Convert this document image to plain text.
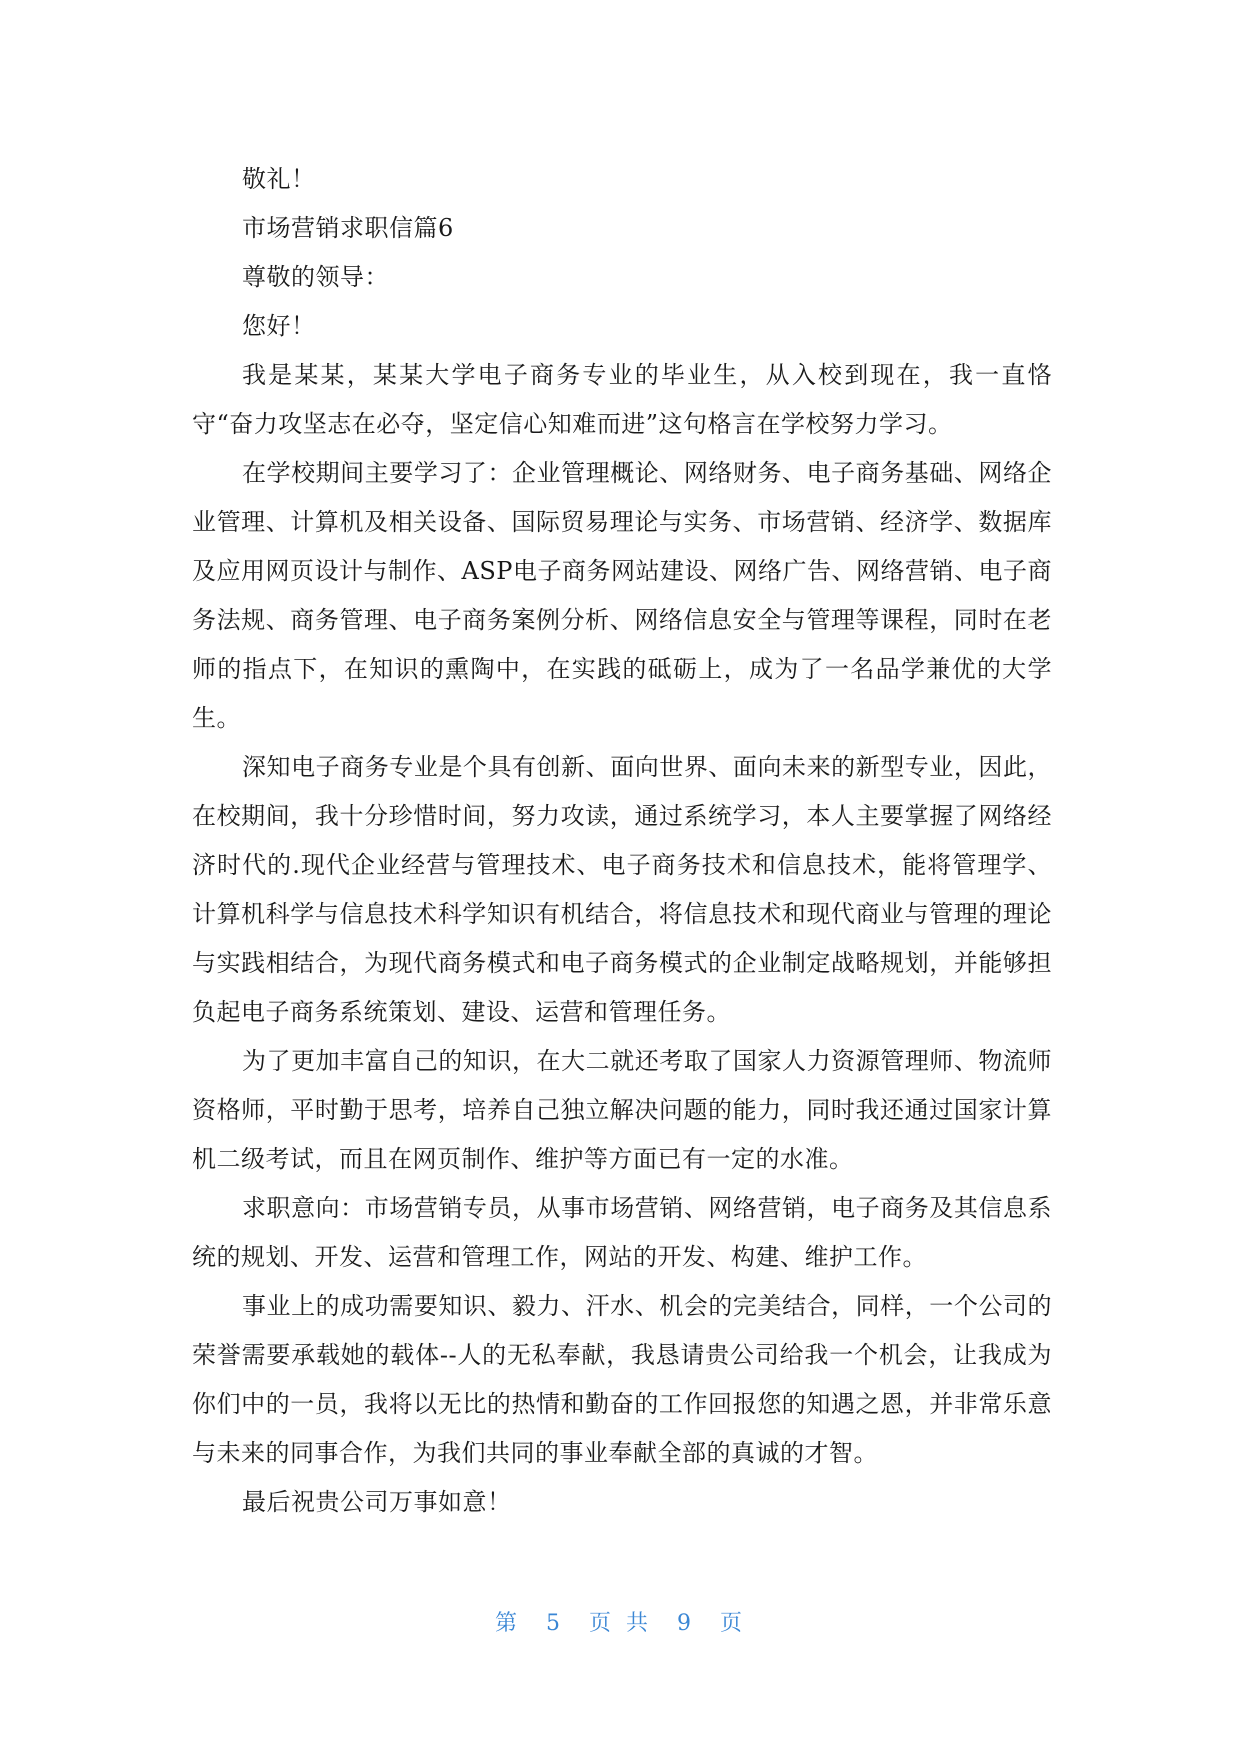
敬礼！

市场营销求职信篇6

尊敬的领导：

您好！

我是某某，某某大学电子商务专业的毕业生，从入校到现在，我一直恪守“奋力攻坚志在必夺，坚定信心知难而进”这句格言在学校努力学习。

在学校期间主要学习了：企业管理概论、网络财务、电子商务基础、网络企业管理、计算机及相关设备、国际贸易理论与实务、市场营销、经济学、数据库及应用网页设计与制作、ASP电子商务网站建设、网络广告、网络营销、电子商务法规、商务管理、电子商务案例分析、网络信息安全与管理等课程，同时在老师的指点下，在知识的熏陶中，在实践的砥砺上，成为了一名品学兼优的大学生。

深知电子商务专业是个具有创新、面向世界、面向未来的新型专业，因此，在校期间，我十分珍惜时间，努力攻读，通过系统学习，本人主要掌握了网络经济时代的.现代企业经营与管理技术、电子商务技术和信息技术，能将管理学、计算机科学与信息技术科学知识有机结合，将信息技术和现代商业与管理的理论与实践相结合，为现代商务模式和电子商务模式的企业制定战略规划，并能够担负起电子商务系统策划、建设、运营和管理任务。

为了更加丰富自己的知识，在大二就还考取了国家人力资源管理师、物流师资格师，平时勤于思考，培养自己独立解决问题的能力，同时我还通过国家计算机二级考试，而且在网页制作、维护等方面已有一定的水准。

求职意向：市场营销专员，从事市场营销、网络营销，电子商务及其信息系统的规划、开发、运营和管理工作，网站的开发、构建、维护工作。

事业上的成功需要知识、毅力、汗水、机会的完美结合，同样，一个公司的荣誉需要承载她的载体--人的无私奉献，我恳请贵公司给我一个机会，让我成为你们中的一员，我将以无比的热情和勤奋的工作回报您的知遇之恩，并非常乐意与未来的同事合作，为我们共同的事业奉献全部的真诚的才智。

最后祝贵公司万事如意！

第 5 页 共 9 页
